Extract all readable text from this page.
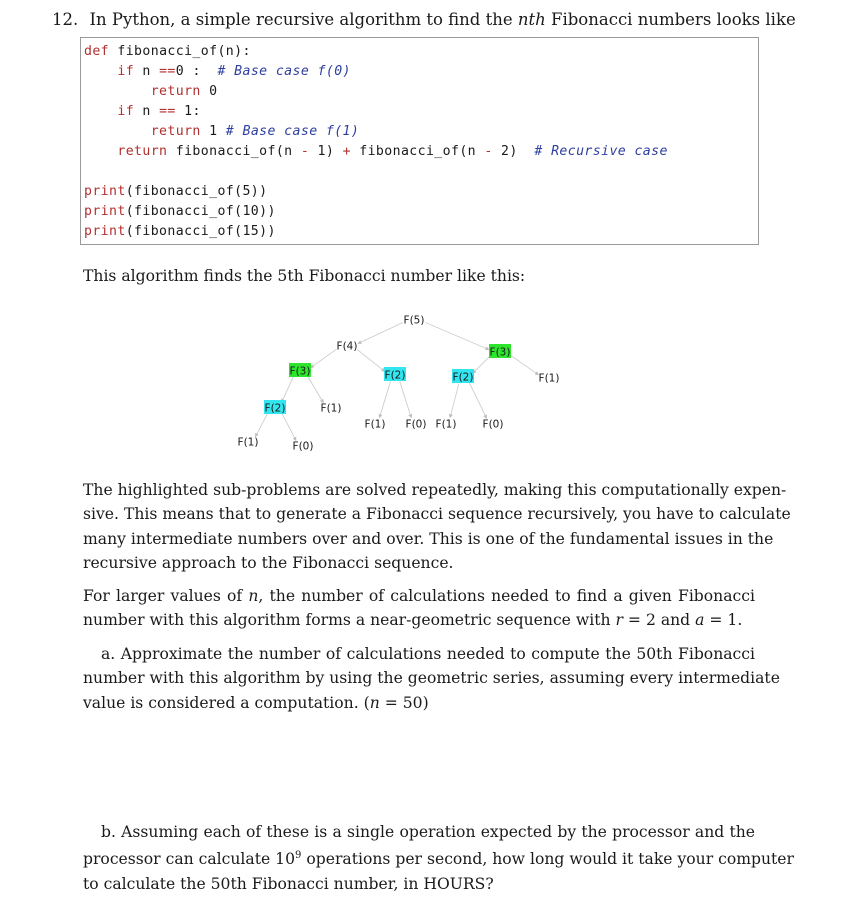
12. In Python, a simple recursive algorithm to find the nth Fibonacci numbers looks like
def fibonacci_of(n):
if n ==0 :  # Base case f(0)
return 0
if n == 1:
return 1 # Base case f(1)
return fibonacci_of(n - 1) + fibonacci_of(n - 2)  # Recursive case
print(fibonacci_of(5))
print(fibonacci_of(10))
print(fibonacci_of(15))
This algorithm finds the 5th Fibonacci number like this:
F(5)
F(4)
F(3)
F(3)
F(2)	F(2)	F(1)
F(2)	F(1)
F(1) F(0) F(1) F(0)
F(1)	F(0)
The highlighted sub-problems are solved repeatedly, making this computationally expen-
sive. This means that to generate a Fibonacci sequence recursively, you have to calculate
many intermediate numbers over and over. This is one of the fundamental issues in the
recursive approach to the Fibonacci sequence.
For larger values of n, the number of calculations needed to find a given Fibonacci
number with this algorithm forms a near-geometric sequence with r = 2 and a = 1.
a. Approximate the number of calculations needed to compute the 50th Fibonacci
number with this algorithm by using the geometric series, assuming every intermediate
value is considered a computation. (n = 50)
b. Assuming each of these is a single operation expected by the processor and the
processor can calculate $10^9$ operations per second, how long would it take your computer
to calculate the 50th Fibonacci number, in HOURS?
